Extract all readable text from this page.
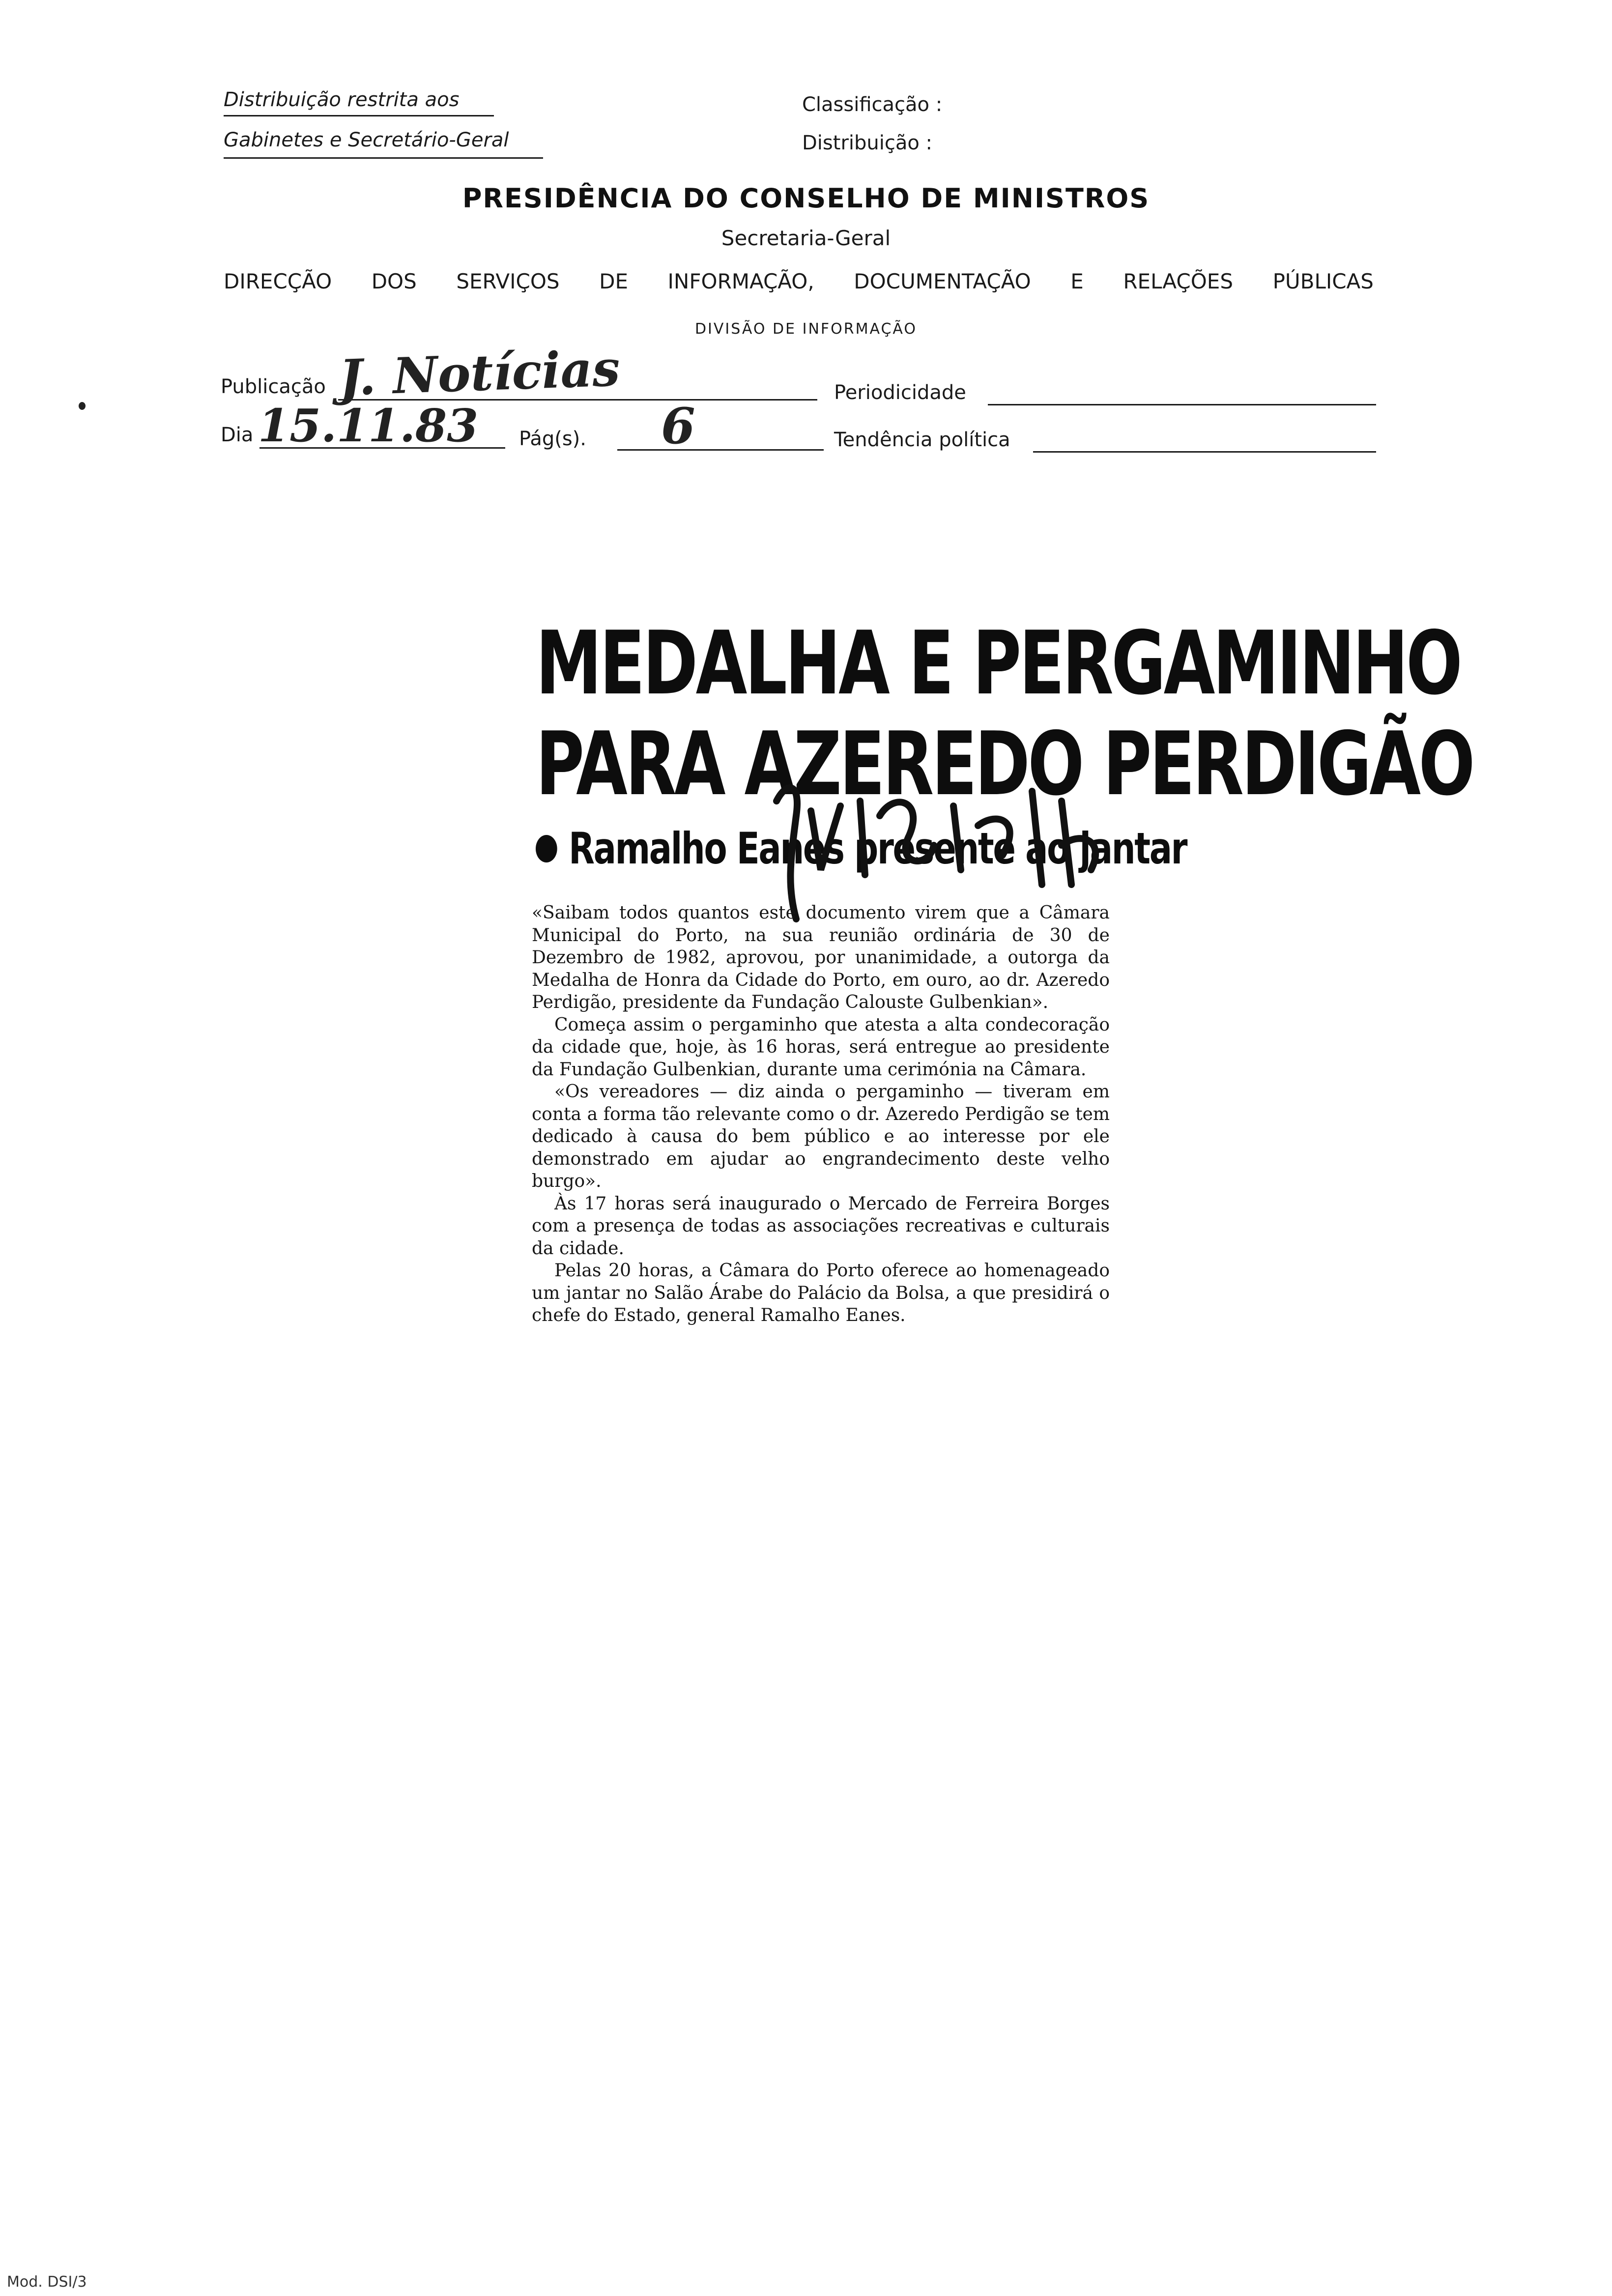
Distribuição restrita aos
Gabinetes e Secretário-Geral
Classificação :
Distribuição :
PRESIDÊNCIA DO CONSELHO DE MINISTROS
Secretaria-Geral
DIRECÇÃO DOS SERVIÇOS DE INFORMAÇÃO, DOCUMENTAÇÃO E RELAÇÕES PÚBLICAS
DIVISÃO DE INFORMAÇÃO
Publicação J. Notícias	Periodicidade
Dia 15.11.83 Pág(s). 6	Tendência política
MEDALHA E PERGAMINHO
PARA AZEREDO PERDIGÃO
Ramalho Eanes presente ao jantar

«Saibam todos quantos este documento virem que a Câmara Municipal do Porto, na sua reunião ordinária de 30 de Dezembro de 1982, aprovou, por unanimidade, a outorga da Medalha de Honra da Cidade do Porto, em ouro, ao dr. Azeredo Perdigão, presidente da Fundação Calouste Gulbenkian».

Começa assim o pergaminho que atesta a alta condecoração da cidade que, hoje, às 16 horas, será entregue ao presidente da Fundação Gulbenkian, durante uma cerimónia na Câmara.

«Os vereadores — diz ainda o pergaminho — tiveram em conta a forma tão relevante como o dr. Azeredo Perdigão se tem dedicado à causa do bem público e ao interesse por ele demonstrado em ajudar ao engrandecimento deste velho burgo».

Às 17 horas será inaugurado o Mercado de Ferreira Borges com a presença de todas as associações recreativas e culturais da cidade.

Pelas 20 horas, a Câmara do Porto oferece ao homenageado um jantar no Salão Árabe do Palácio da Bolsa, a que presidirá o chefe do Estado, general Ramalho Eanes.

Mod. DSI/3
